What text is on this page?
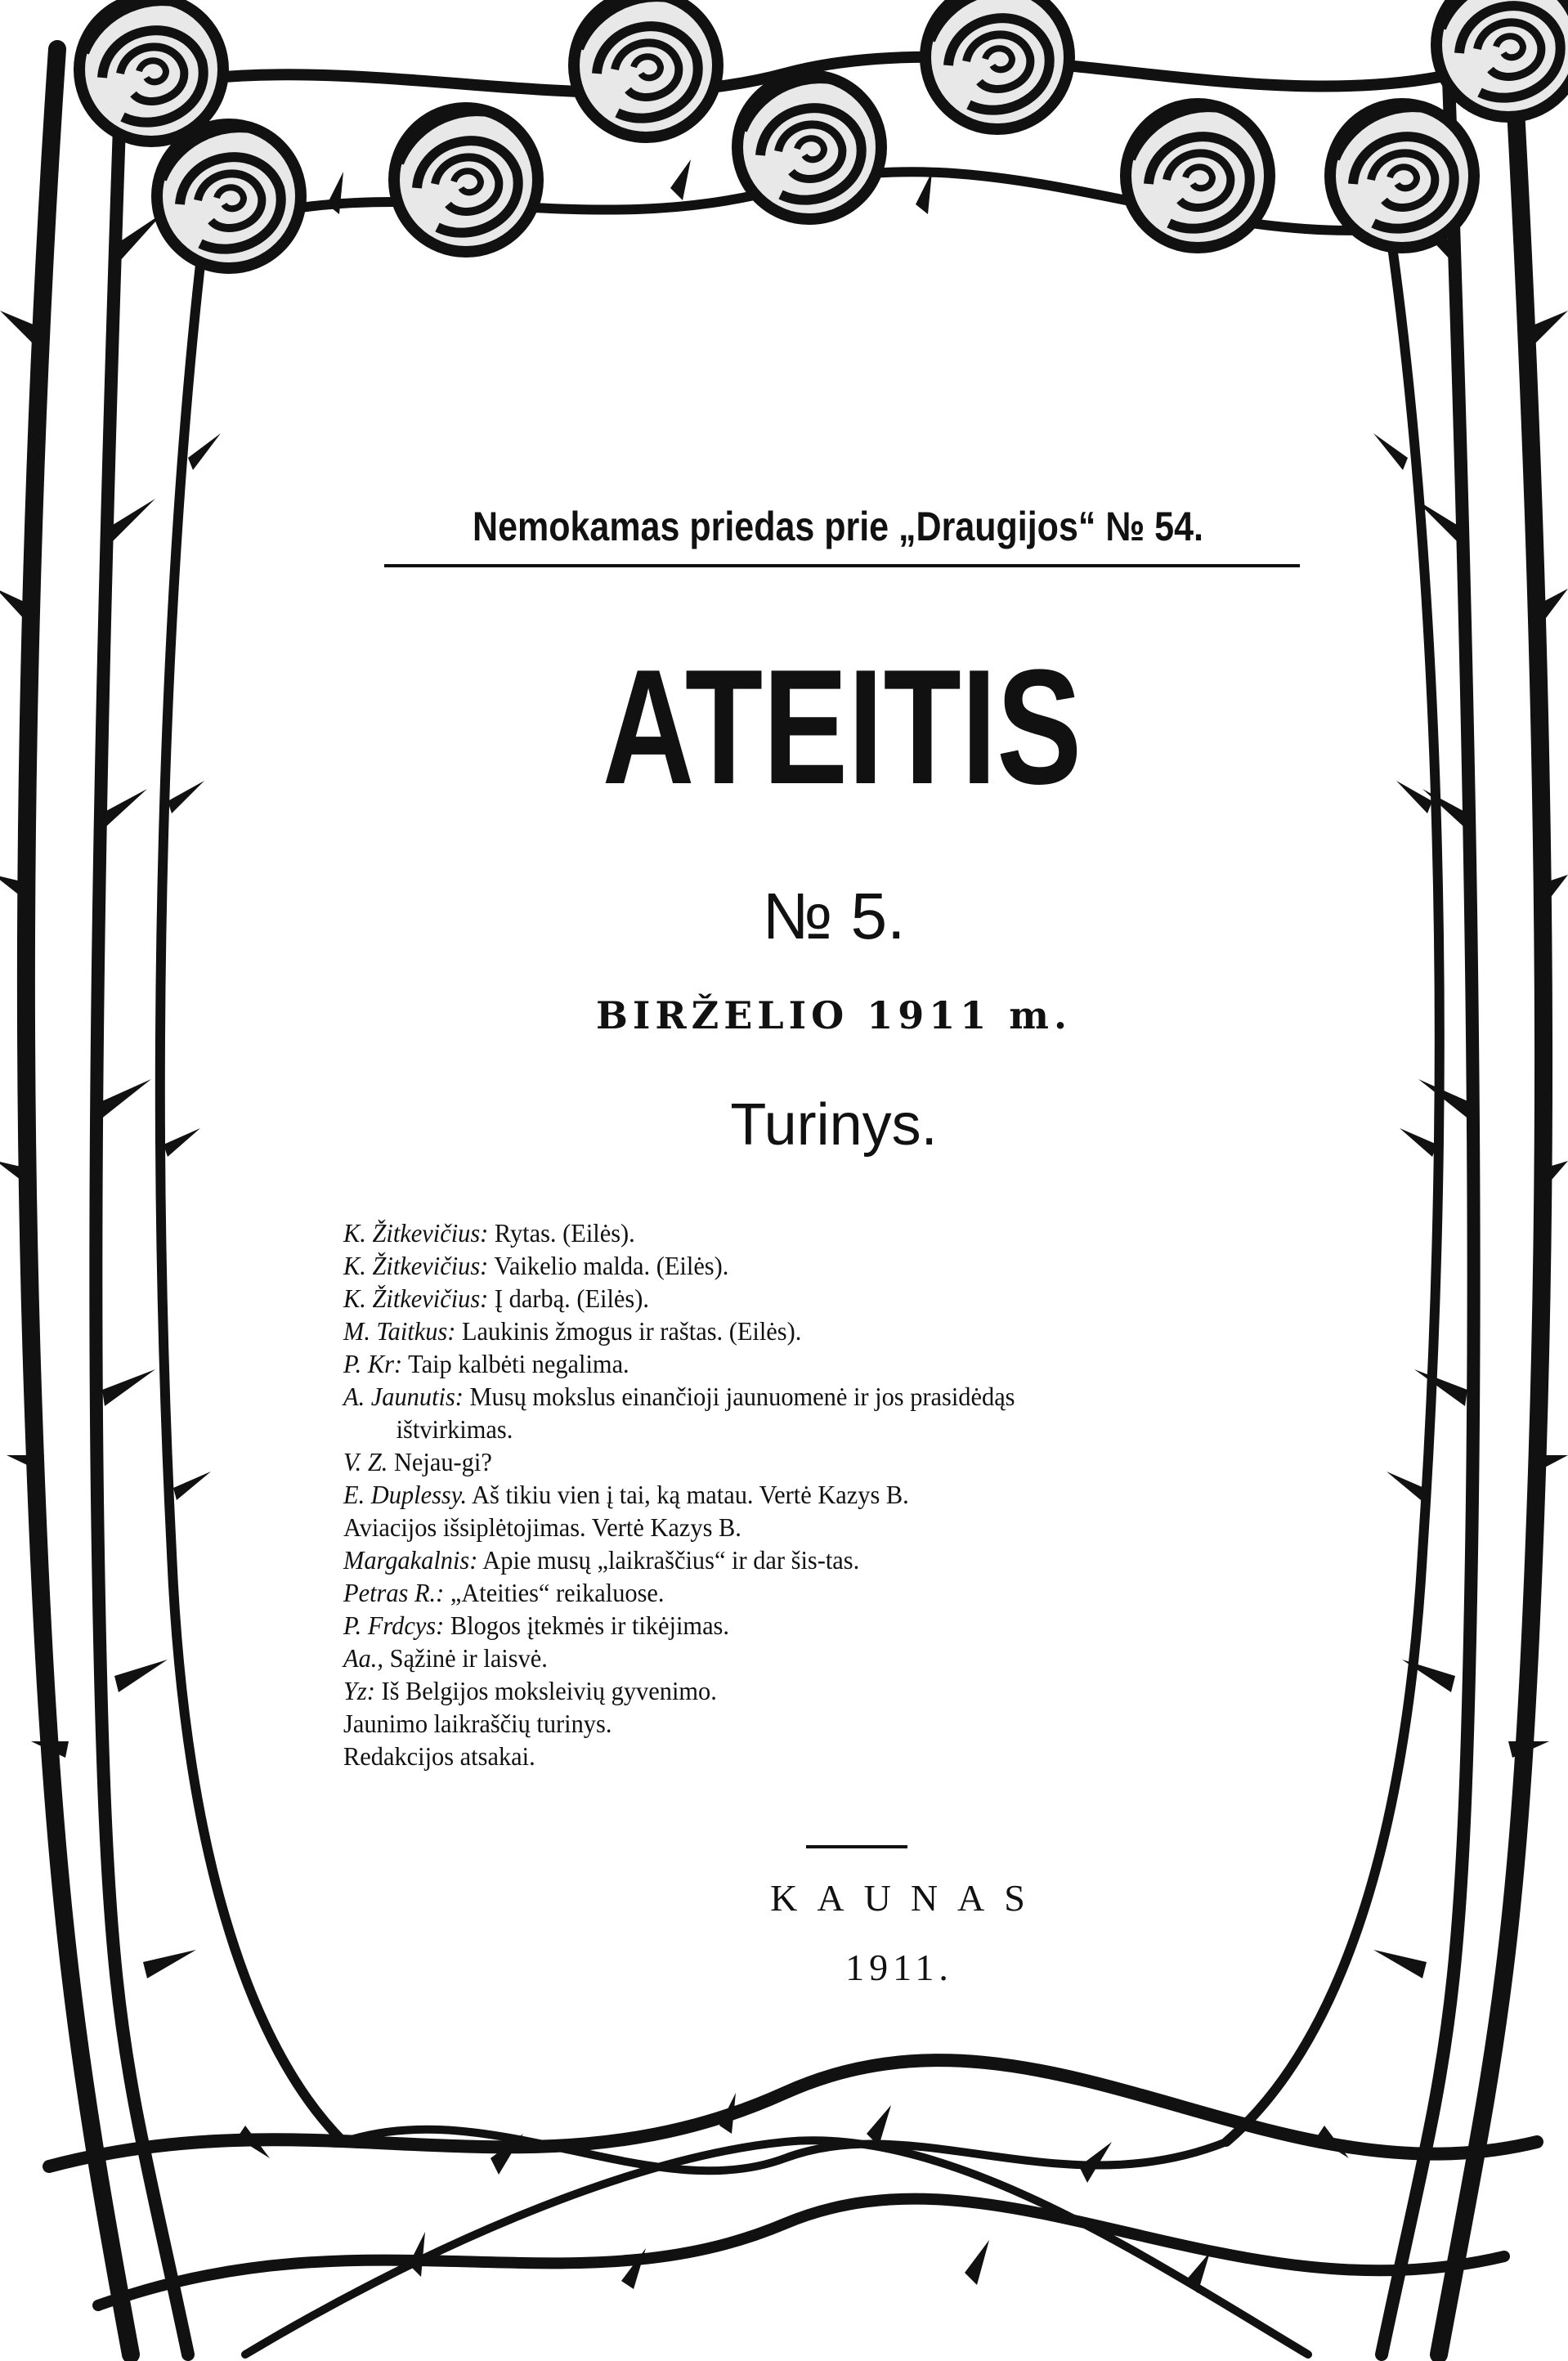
Nemokamas priedas prie „Draugijos“ № 54.
ATEITIS
№ 5.
BIRŽELIO 1911 m.
Turinys.
K. Žitkevičius: Rytas. (Eilės).
K. Žitkevičius: Vaikelio malda. (Eilės).
K. Žitkevičius: Į darbą. (Eilės).
M. Taitkus: Laukinis žmogus ir raštas. (Eilės).
P. Kr: Taip kalbėti negalima.
A. Jaunutis: Musų mokslus einančioji jaunuomenė ir jos prasidėdąs
ištvirkimas.
V. Z. Nejau-gi?
E. Duplessy. Aš tikiu vien į tai, ką matau. Vertė Kazys B.
Aviacijos išsiplėtojimas. Vertė Kazys B.
Margakalnis: Apie musų „laikraščius“ ir dar šis-tas.
Petras R.: „Ateities“ reikaluose.
P. Frdcys: Blogos įtekmės ir tikėjimas.
Aa., Sąžinė ir laisvė.
Yz: Iš Belgijos moksleivių gyvenimo.
Jaunimo laikraščių turinys.
Redakcijos atsakai.
KAUNAS
1911.
